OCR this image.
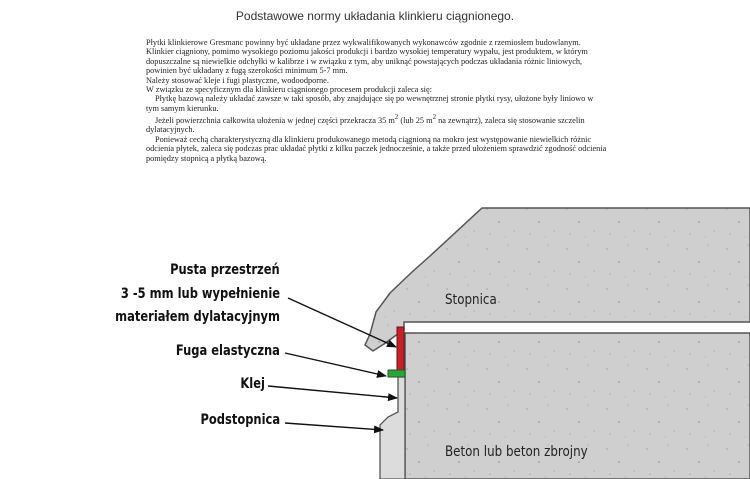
Podstawowe normy układania klinkieru ciągnionego.

Płytki klinkierowe Gresmanc powinny być układane przez wykwalifikowanych wykonawców zgodnie z rzemiosłem budowlanym.

Klinkier ciągniony, pomimo wysokiego poziomu jakości produkcji i bardzo wysokiej temperatury wypału, jest produktem, w którym dopuszczalne są niewielkie odchyłki w kalibrze i w związku z tym, aby uniknąć powstających podczas układania różnic liniowych, powinien być układany z fugą szerokości minimum 5-7 mm.

Należy stosować kleje i fugi plastyczne, wodoodporne.

W związku ze specyficznym dla klinkieru ciągnionego procesem produkcji zaleca się:

Płytkę bazową należy układać zawsze w taki sposób, aby znajdujące się po wewnętrznej stronie płytki rysy, ułożone były liniowo w tym samym kierunku.

Jeżeli powierzchnia całkowita ułożenia w jednej części przekracza 35 $m^2$ (lub 25 $m^2$ na zewnątrz), zaleca się stosowanie szczelin dylatacyjnych.

Ponieważ cechą charakterystyczną dla klinkieru produkowanego metodą ciągnioną na mokro jest występowanie niewielkich różnic odcienia płytek, zaleca się podczas prac układać płytki z kilku paczek jednocześnie, a także przed ułożeniem sprawdzić zgodność odcienia pomiędzy stopnicą a płytką bazową.

Pusta przestrzeń
3 -5 mm lub wypełnienie
materiałem dylatacyjnym
Fuga elastyczna
Klej
Podstopnica
Stopnica
Beton lub beton zbrojny
